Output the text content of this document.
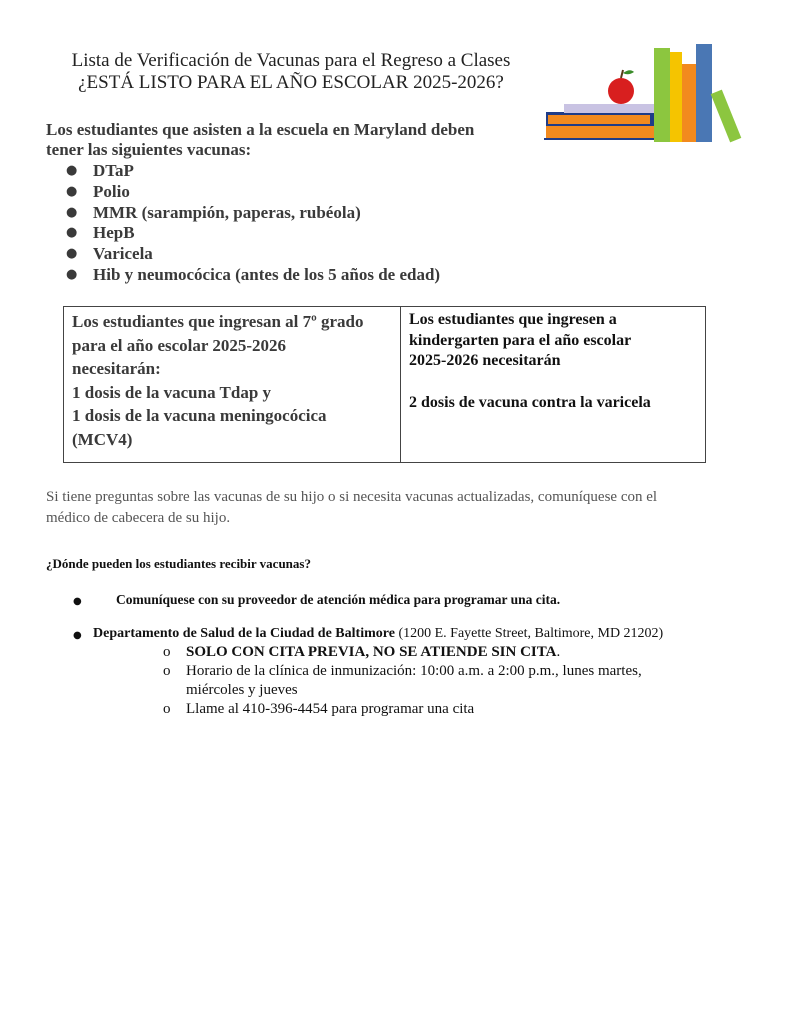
Lista de Verificación de Vacunas para el Regreso a Clases
¿ESTÁ LISTO PARA EL AÑO ESCOLAR 2025-2026?
Los estudiantes que asisten a la escuela en Maryland deben
tener las siguientes vacunas:
● DTaP
● Polio
● MMR (sarampión, paperas, rubéola)
● HepB
● Varicela
● Hib y neumocócica (antes de los 5 años de edad)
Los estudiantes que ingresan al 7º grado
para el año escolar 2025-2026
necesitarán:
1 dosis de la vacuna Tdap y
1 dosis de la vacuna meningocócica
(MCV4)
Los estudiantes que ingresen a
kindergarten para el año escolar
2025-2026 necesitarán
2 dosis de vacuna contra la varicela
Si tiene preguntas sobre las vacunas de su hijo o si necesita vacunas actualizadas, comuníquese con el
médico de cabecera de su hijo.
¿Dónde pueden los estudiantes recibir vacunas?
●	Comuníquese con su proveedor de atención médica para programar una cita.
● Departamento de Salud de la Ciudad de Baltimore (1200 E. Fayette Street, Baltimore, MD 21202)
o SOLO CON CITA PREVIA, NO SE ATIENDE SIN CITA.
o Horario de la clínica de inmunización: 10:00 a.m. a 2:00 p.m., lunes martes,
miércoles y jueves
o Llame al 410-396-4454 para programar una cita
